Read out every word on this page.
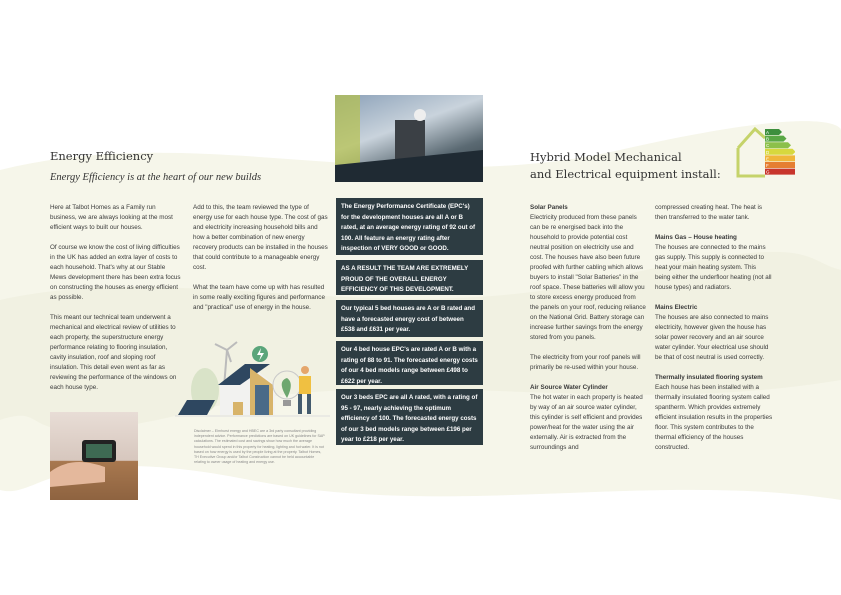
Energy Efficiency
Energy Efficiency is at the heart of our new builds

Here at Talbot Homes as a Family run business, we are always looking at the most efficient ways to built our houses.

Of course we know the cost of living difficulties in the UK has added an extra layer of costs to each household. That's why at our Stable Mews development there has been extra focus on constructing the houses as energy efficient as possible.

This meant our technical team underwent a mechanical and electrical review of utilities to each property, the superstructure energy performance relating to flooring insulation, cavity insulation, roof and sloping roof insulation. This detail even went as far as reviewing the performance of the windows on each house type.

Add to this, the team reviewed the type of energy use for each house type. The cost of gas and electricity increasing household bills and how a better combination of new energy recovery products can be installed in the houses that could contribute to a manageable energy cost.

What the team have come up with has resulted in some really exciting figures and performance and "practical" use of energy in the house.

Disclaimer – Elmhurst energy and HBEC are a 3rd party consultant providing independent advice. Performance predictions are based on UK guidelines for SAP calculations. The estimated cost and savings show how much the average household would spend in this property for heating, lighting and hot water. It is not based on how energy is used by the people living at the property. Talbot Homes, TH Executive Group and/or Talbot Construction cannot be held accountable relating to owner usage of heating and energy use.
The Energy Performance Certificate (EPC's) for the development houses are all A or B rated, at an average energy rating of 92 out of 100. All feature an energy rating after inspection of VERY GOOD or GOOD.
AS A RESULT THE TEAM ARE EXTREMELY PROUD OF THE OVERALL ENERGY EFFICIENCY OF THIS DEVELOPMENT.
Our typical 5 bed houses are A or B rated and have a forecasted energy cost of between £538 and £631 per year.
Our 4 bed house EPC's are rated A or B with a rating of 88 to 91. The forecasted energy costs of our 4 bed models range between £498 to £622 per year.
Our 3 beds EPC are all A rated, with a rating of 95 - 97, nearly achieving the optimum efficiency of 100. The forecasted energy costs of our 3 bed models range between £196 per year to £218 per year.
Hybrid Model Mechanical
and Electrical equipment install:
A
B
C
D
E
F
G

Solar Panels
Electricity produced from these panels can be re energised back into the household to provide potential cost neutral position on electricity use and cost. The houses have also been future proofed with further cabling which allows buyers to install "Solar Batteries" in the roof space. These batteries will allow you to store excess energy produced from the panels on your roof, reducing reliance on the National Grid. Battery storage can increase further savings from the energy stored from you panels.

The electricity from your roof panels will primarily be re-used within your house.

Air Source Water Cylinder
The hot water in each property is heated by way of an air source water cylinder, this cylinder is self efficient and provides power/heat for the water using the air externally. Air is extracted from the surroundings and

compressed creating heat. The heat is then transferred to the water tank.

Mains Gas – House heating
The houses are connected to the mains gas supply. This supply is connected to heat your main heating system. This being either the underfloor heating (not all house types) and radiators.

Mains Electric
The houses are also connected to mains electricity, however given the house has solar power recovery and an air source water cylinder. Your electrical use should be that of cost neutral is used correctly.

Thermally insulated flooring system
Each house has been installed with a thermally insulated flooring system called spantherm. Which provides extremely efficient insulation results in the properties floor. This system contributes to the thermal efficiency of the houses constructed.
